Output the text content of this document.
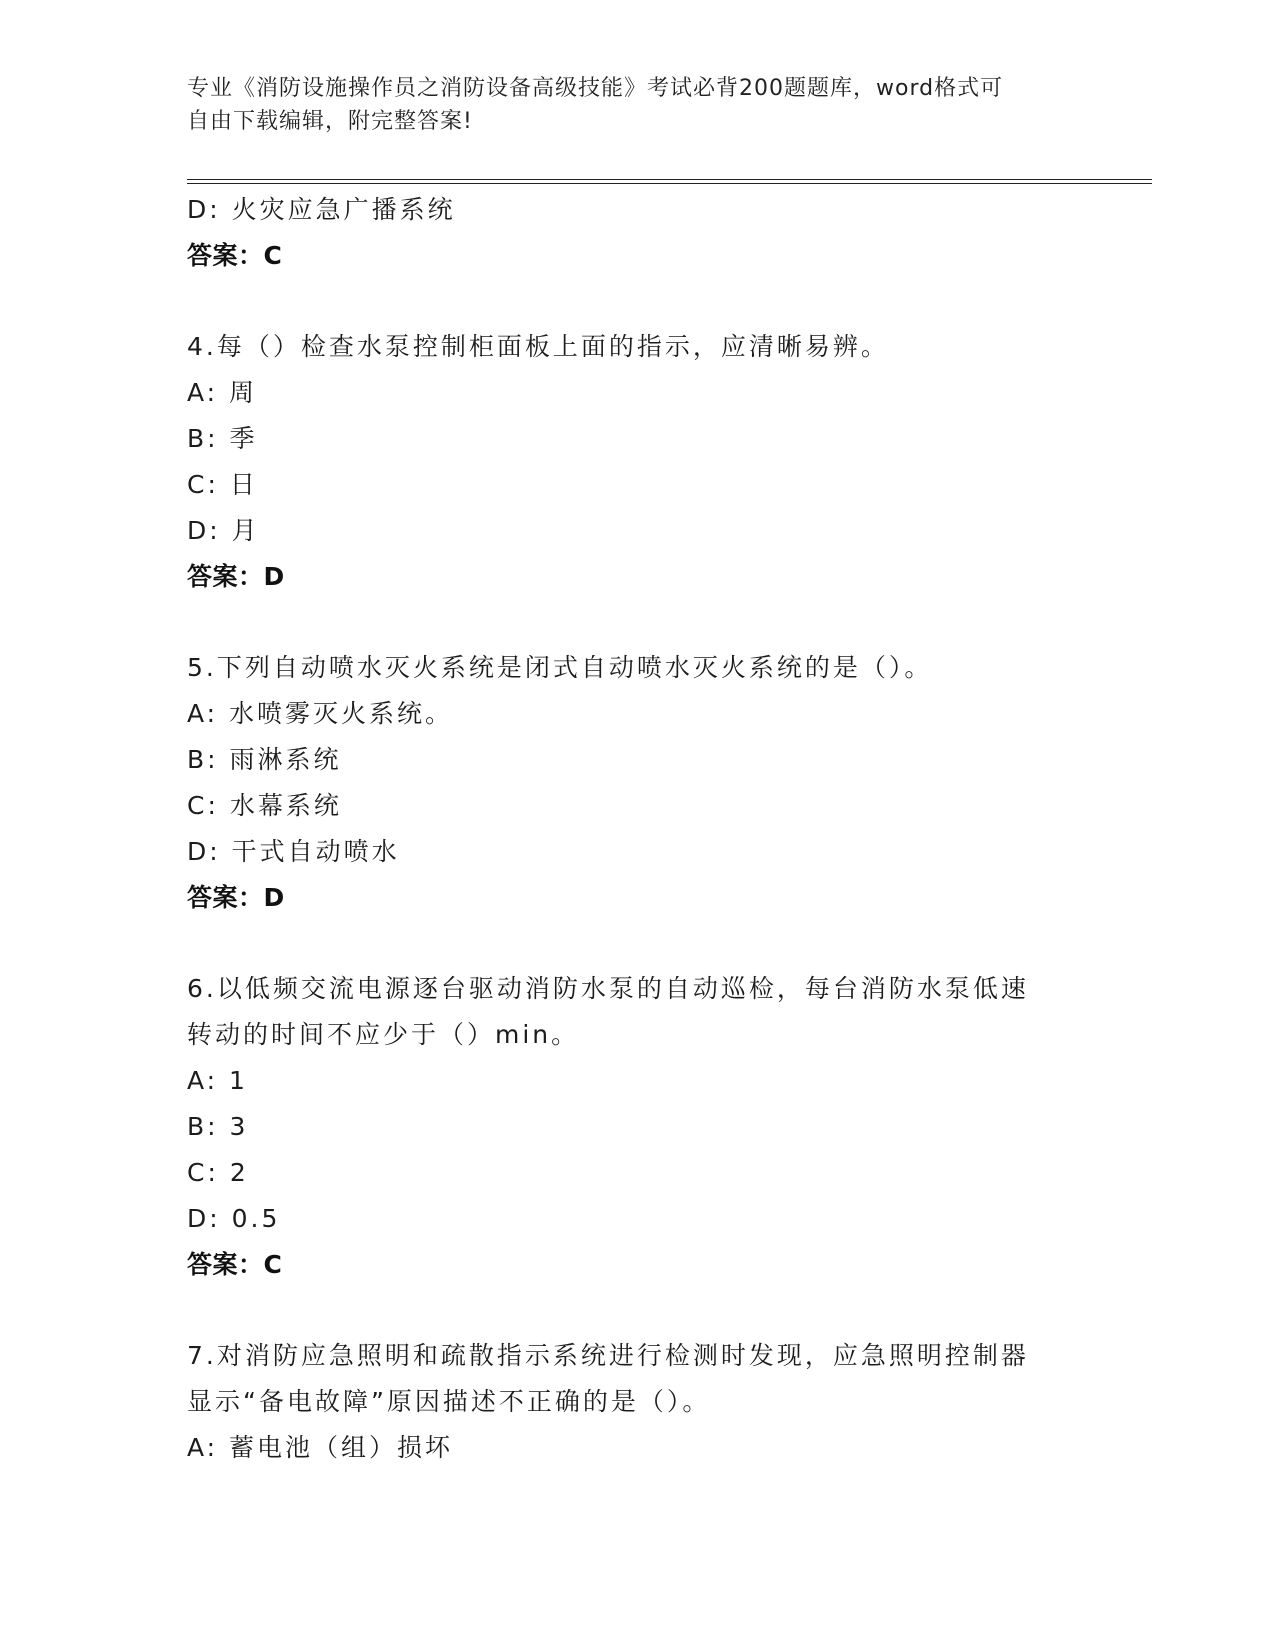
专业《消防设施操作员之消防设备高级技能》考试必背200题题库，word格式可
自由下载编辑，附完整答案!
D: 火灾应急广播系统
答案：C
4.每（）检查水泵控制柜面板上面的指示，应清晰易辨。
A: 周
B: 季
C: 日
D: 月
答案：D
5.下列自动喷水灭火系统是闭式自动喷水灭火系统的是（）。
A: 水喷雾灭火系统。
B: 雨淋系统
C: 水幕系统
D: 干式自动喷水
答案：D
6.以低频交流电源逐台驱动消防水泵的自动巡检，每台消防水泵低速
转动的时间不应少于（）min。
A: 1
B: 3
C: 2
D: 0.5
答案：C
7.对消防应急照明和疏散指示系统进行检测时发现，应急照明控制器
显示“备电故障”原因描述不正确的是（）。
A: 蓄电池（组）损坏
